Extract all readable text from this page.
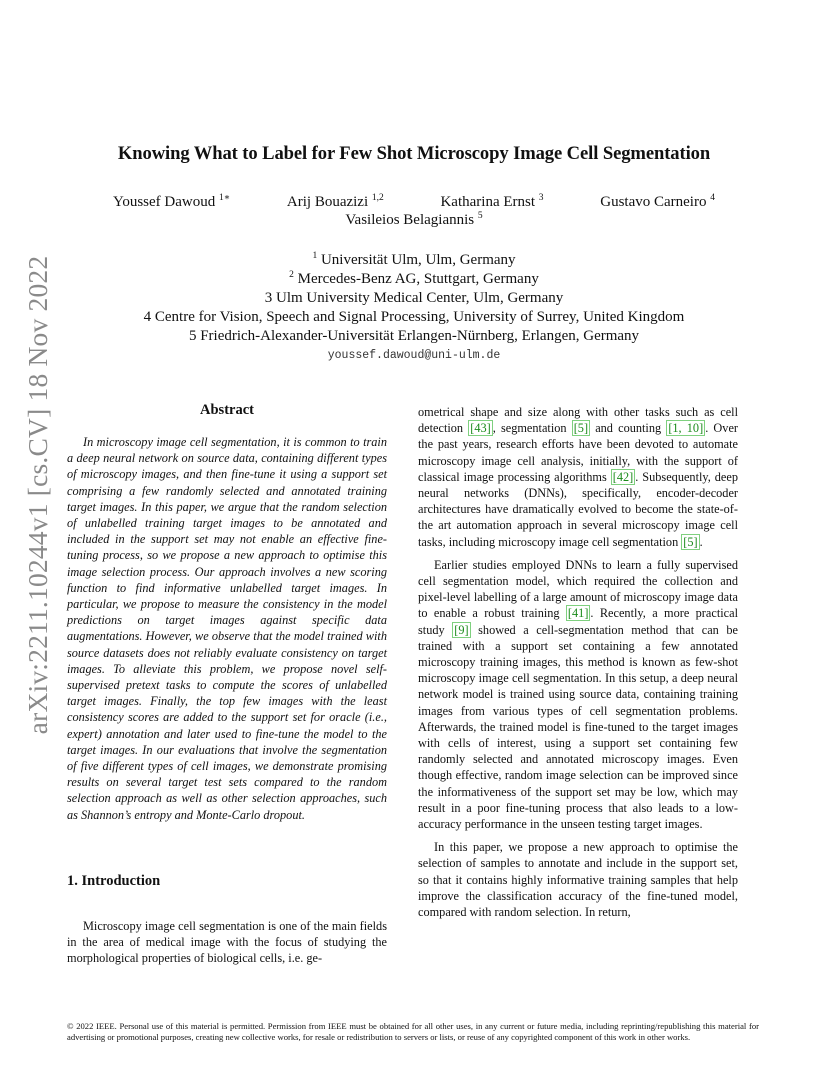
arXiv:2211.10244v1 [cs.CV] 18 Nov 2022
Knowing What to Label for Few Shot Microscopy Image Cell Segmentation
Youssef Dawoud $^{1∗}$	Arij Bouazizi $^{1,2}$	Katharina Ernst $^3$	Gustavo Carneiro $^4$
Vasileios Belagiannis $^5$
$^1$ Universität Ulm, Ulm, Germany
$^2$ Mercedes-Benz AG, Stuttgart, Germany
3 Ulm University Medical Center, Ulm, Germany
4 Centre for Vision, Speech and Signal Processing, University of Surrey, United Kingdom
5 Friedrich-Alexander-Universität Erlangen-Nürnberg, Erlangen, Germany
youssef.dawoud@uni-ulm.de
Abstract

In microscopy image cell segmentation, it is common to train a deep neural network on source data, containing different types of microscopy images, and then fine-tune it using a support set comprising a few randomly selected and annotated training target images. In this paper, we argue that the random selection of unlabelled training target images to be annotated and included in the support set may not enable an effective fine-tuning process, so we propose a new approach to optimise this image selection process. Our approach involves a new scoring function to find informative unlabelled target images. In particular, we propose to measure the consistency in the model predictions on target images against specific data augmentations. However, we observe that the model trained with source datasets does not reliably evaluate consistency on target images. To alleviate this problem, we propose novel self-supervised pretext tasks to compute the scores of unlabelled target images. Finally, the top few images with the least consistency scores are added to the support set for oracle (i.e., expert) annotation and later used to fine-tune the model to the target images. In our evaluations that involve the segmentation of five different types of cell images, we demonstrate promising results on several target test sets compared to the random selection approach as well as other selection approaches, such as Shannon’s entropy and Monte-Carlo dropout.

1. Introduction

Microscopy image cell segmentation is one of the main fields in the area of medical image with the focus of studying the morphological properties of biological cells, i.e. ge-

ometrical shape and size along with other tasks such as cell detection [43] , segmentation [5] and counting [1, 10] . Over the past years, research efforts have been devoted to automate microscopy image cell analysis, initially, with the support of classical image processing algorithms [42] . Subsequently, deep neural networks (DNNs), specifically, encoder-decoder architectures have dramatically evolved to become the state-of-the art automation approach in several microscopy image cell tasks, including microscopy image cell segmentation [5] .

Earlier studies employed DNNs to learn a fully supervised cell segmentation model, which required the collection and pixel-level labelling of a large amount of microscopy image data to enable a robust training [41] . Recently, a more practical study [9] showed a cell-segmentation method that can be trained with a support set containing a few annotated microscopy training images, this method is known as few-shot microscopy image cell segmentation. In this setup, a deep neural network model is trained using source data, containing training images from various types of cell segmentation problems. Afterwards, the trained model is fine-tuned to the target images with cells of interest, using a support set containing few randomly selected and annotated microscopy images. Even though effective, random image selection can be improved since the informativeness of the support set may be low, which may result in a poor fine-tuning process that also leads to a low-accuracy performance in the unseen testing target images.

In this paper, we propose a new approach to optimise the selection of samples to annotate and include in the support set, so that it contains highly informative training samples that help improve the classification accuracy of the fine-tuned model, compared with random selection. In return,

© 2022 IEEE. Personal use of this material is permitted. Permission from IEEE must be obtained for all other uses, in any current or future media, including reprinting/republishing this material for advertising or promotional purposes, creating new collective works, for resale or redistribution to servers or lists, or reuse of any copyrighted component of this work in other works.
